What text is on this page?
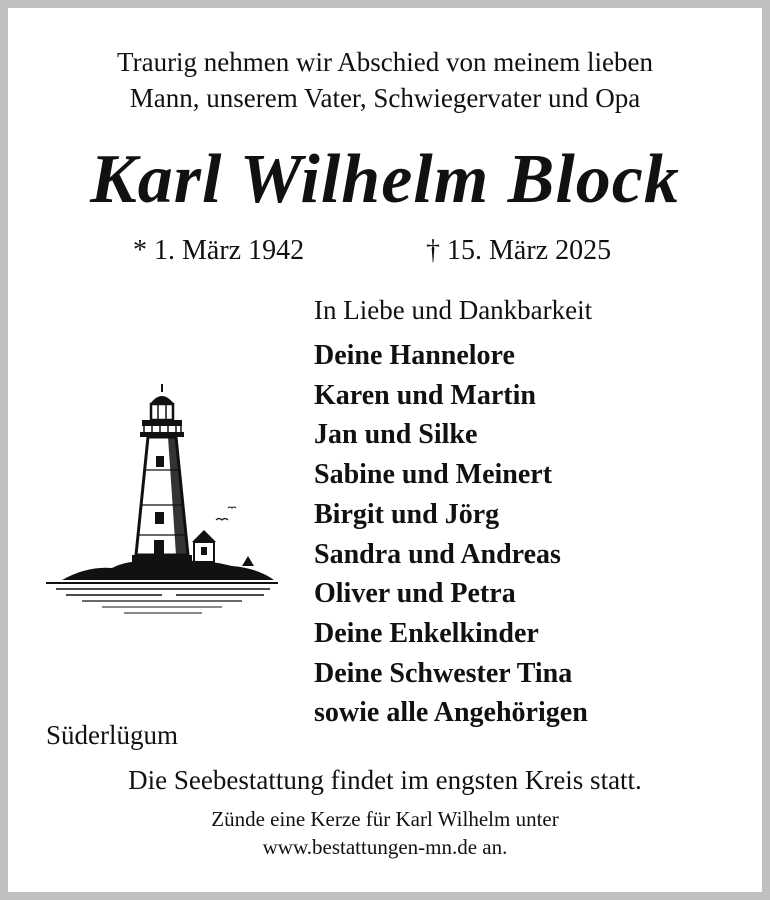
Traurig nehmen wir Abschied von meinem lieben
Mann, unserem Vater, Schwiegervater und Opa
Karl Wilhelm Block
* 1. März 1942	† 15. März 2025
In Liebe und Dankbarkeit
Deine Hannelore
Karen und Martin
Jan und Silke
Sabine und Meinert
Birgit und Jörg
Sandra und Andreas
Oliver und Petra
Deine Enkelkinder
Deine Schwester Tina
sowie alle Angehörigen
Süderlügum
Die Seebestattung findet im engsten Kreis statt.
Zünde eine Kerze für Karl Wilhelm unter
www.bestattungen-mn.de an.
